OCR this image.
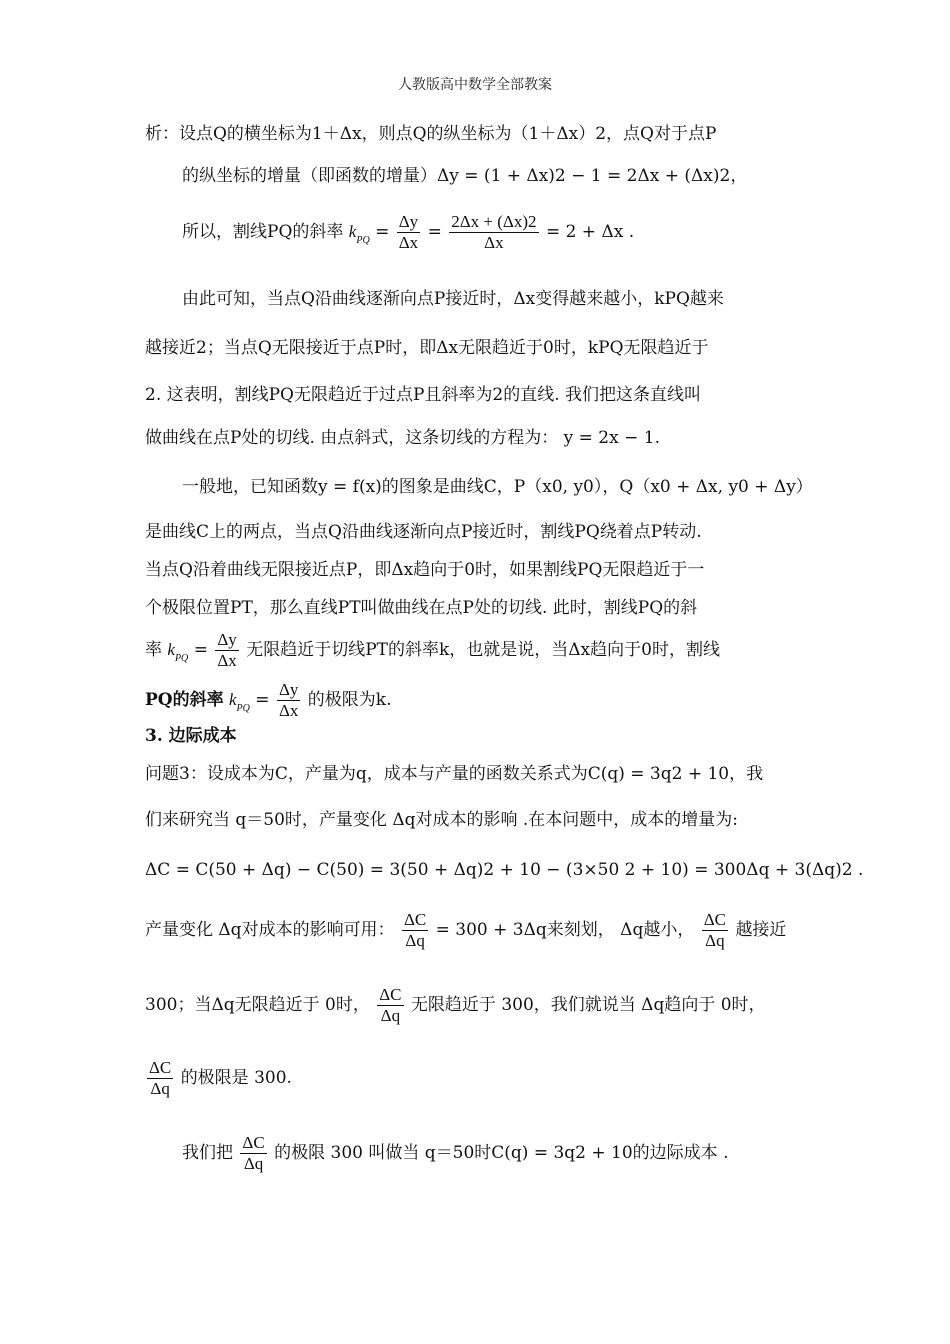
人教版高中数学全部教案
析：设点Q的横坐标为1＋Δx，则点Q的纵坐标为（1＋Δx）2，点Q对于点P
的纵坐标的增量（即函数的增量）Δy = (1 + Δx)2 − 1 = 2Δx + (Δx)2，
所以，割线PQ的斜率 $k_{PQ} = \frac{\Delta y}{\Delta x} = \frac{2\Delta x + (\Delta x)2}{\Delta x} = 2 + \Delta x$ .
由此可知，当点Q沿曲线逐渐向点P接近时，Δx变得越来越小，kPQ越来
越接近2；当点Q无限接近于点P时，即Δx无限趋近于0时，kPQ无限趋近于
2. 这表明，割线PQ无限趋近于过点P且斜率为2的直线. 我们把这条直线叫
做曲线在点P处的切线. 由点斜式，这条切线的方程为： y = 2x − 1.
一般地，已知函数y = f(x)的图象是曲线C，P（x0, y0），Q（x0 + Δx, y0 + Δy）
是曲线C上的两点，当点Q沿曲线逐渐向点P接近时，割线PQ绕着点P转动.
当点Q沿着曲线无限接近点P，即Δx趋向于0时，如果割线PQ无限趋近于一
个极限位置PT，那么直线PT叫做曲线在点P处的切线. 此时，割线PQ的斜
率 $k_{PQ} = \frac{\Delta y}{\Delta x}$ 无限趋近于切线PT的斜率k，也就是说，当Δx趋向于0时，割线
PQ的斜率 $k_{PQ} = \frac{\Delta y}{\Delta x}$ 的极限为k.
3. 边际成本
问题3：设成本为C，产量为q，成本与产量的函数关系式为C(q) = 3q2 + 10，我
们来研究当 q＝50时，产量变化 Δq对成本的影响 .在本问题中，成本的增量为:
ΔC = C(50 + Δq) − C(50) = 3(50 + Δq)2 + 10 − (3×50 2 + 10) = 300Δq + 3(Δq)2 .
产量变化 Δq对成本的影响可用： $\frac{\Delta C}{\Delta q} = 300 + 3\Delta q$来刻划， Δq越小， $\frac{\Delta C}{\Delta q}$ 越接近
300；当Δq无限趋近于 0时， $\frac{\Delta C}{\Delta q}$ 无限趋近于 300，我们就说当 Δq趋向于 0时，
$\frac{\Delta C}{\Delta q}$ 的极限是 300.
我们把 $\frac{\Delta C}{\Delta q}$ 的极限 300 叫做当 q＝50时C(q) = 3q2 + 10的边际成本 .
